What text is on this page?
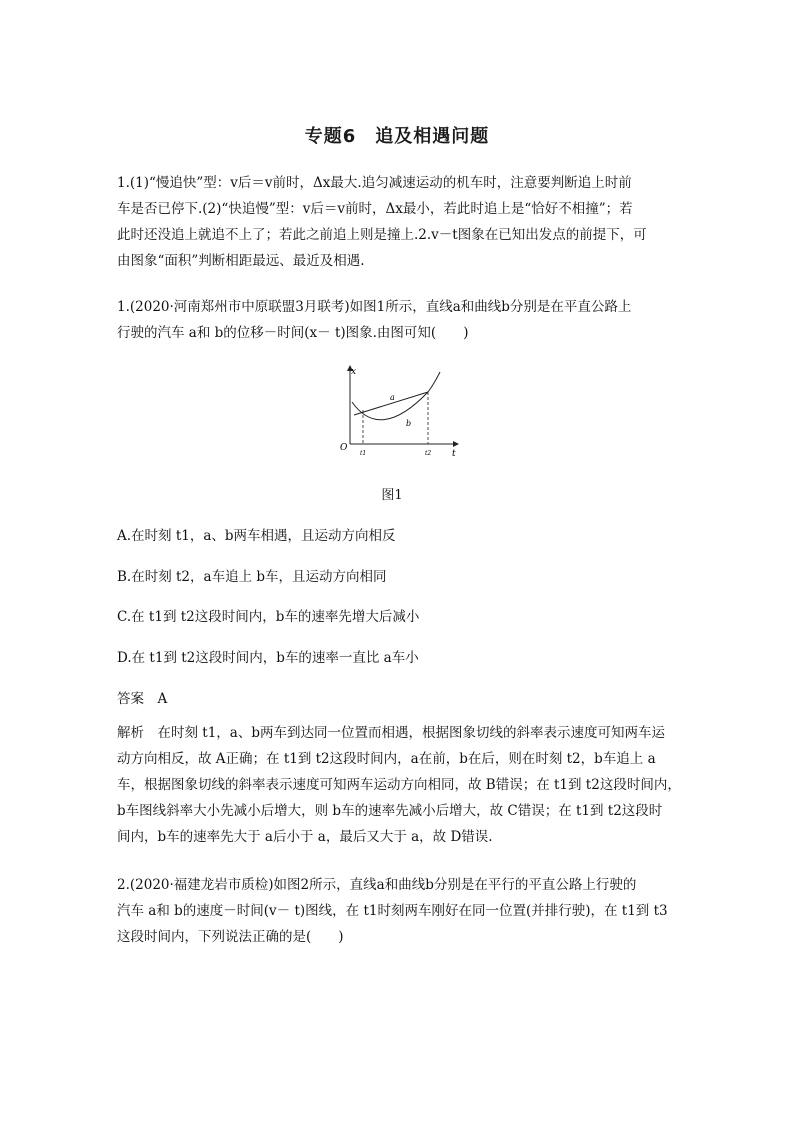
专题6　追及相遇问题

1.(1)“慢追快”型：v后＝v前时，Δx最大.追匀减速运动的机车时，注意要判断追上时前
车是否已停下.(2)“快追慢”型：v后＝v前时，Δx最小，若此时追上是“恰好不相撞”；若
此时还没追上就追不上了；若此之前追上则是撞上.2.v－t图象在已知出发点的前提下，可
由图象“面积”判断相距最远、最近及相遇.

1.(2020·河南郑州市中原联盟3月联考)如图1所示，直线a和曲线b分别是在平直公路上
行驶的汽车 a和 b的位移－时间(x－ t)图象.由图可知(　　)

x
t
O
a
b
t1	t2
图1
A.在时刻 t1，a、b两车相遇，且运动方向相反
B.在时刻 t2，a车追上 b车，且运动方向相同
C.在 t1到 t2这段时间内，b车的速率先增大后减小
D.在 t1到 t2这段时间内，b车的速率一直比 a车小
答案　A

解析　在时刻 t1，a、b两车到达同一位置而相遇，根据图象切线的斜率表示速度可知两车运
动方向相反，故 A正确；在 t1到 t2这段时间内，a在前，b在后，则在时刻 t2，b车追上 a
车，根据图象切线的斜率表示速度可知两车运动方向相同，故 B错误；在 t1到 t2这段时间内，
b车图线斜率大小先减小后增大，则 b车的速率先减小后增大，故 C错误；在 t1到 t2这段时
间内，b车的速率先大于 a后小于 a，最后又大于 a，故 D错误.

2.(2020·福建龙岩市质检)如图2所示，直线a和曲线b分别是在平行的平直公路上行驶的
汽车 a和 b的速度－时间(v－ t)图线，在 t1时刻两车刚好在同一位置(并排行驶)，在 t1到 t3
这段时间内，下列说法正确的是(　　)
